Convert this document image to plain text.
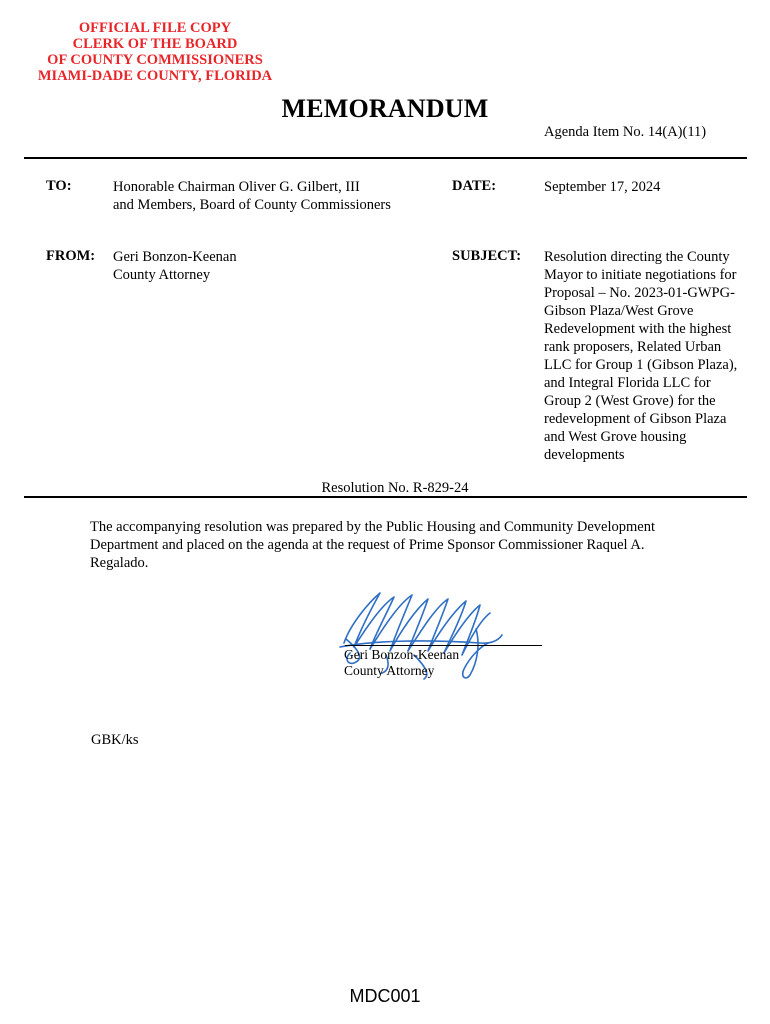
OFFICIAL FILE COPY
CLERK OF THE BOARD
OF COUNTY COMMISSIONERS
MIAMI-DADE COUNTY, FLORIDA
MEMORANDUM
Agenda Item No. 14(A)(11)
TO:	Honorable Chairman Oliver G. Gilbert, III
and Members, Board of County Commissioners
DATE:	September 17, 2024
FROM: Geri Bonzon-Keenan
County Attorney
SUBJECT: Resolution directing the County
Mayor to initiate negotiations for
Proposal – No. 2023-01-GWPG-
Gibson Plaza/West Grove
Redevelopment with the highest
rank proposers, Related Urban
LLC for Group 1 (Gibson Plaza),
and Integral Florida LLC for
Group 2 (West Grove) for the
redevelopment of Gibson Plaza
and West Grove housing
developments
Resolution No. R-829-24
The accompanying resolution was prepared by the Public Housing and Community Development
Department and placed on the agenda at the request of Prime Sponsor Commissioner Raquel A.
Regalado.
Geri Bonzon-Keenan
County Attorney
GBK/ks
MDC001
